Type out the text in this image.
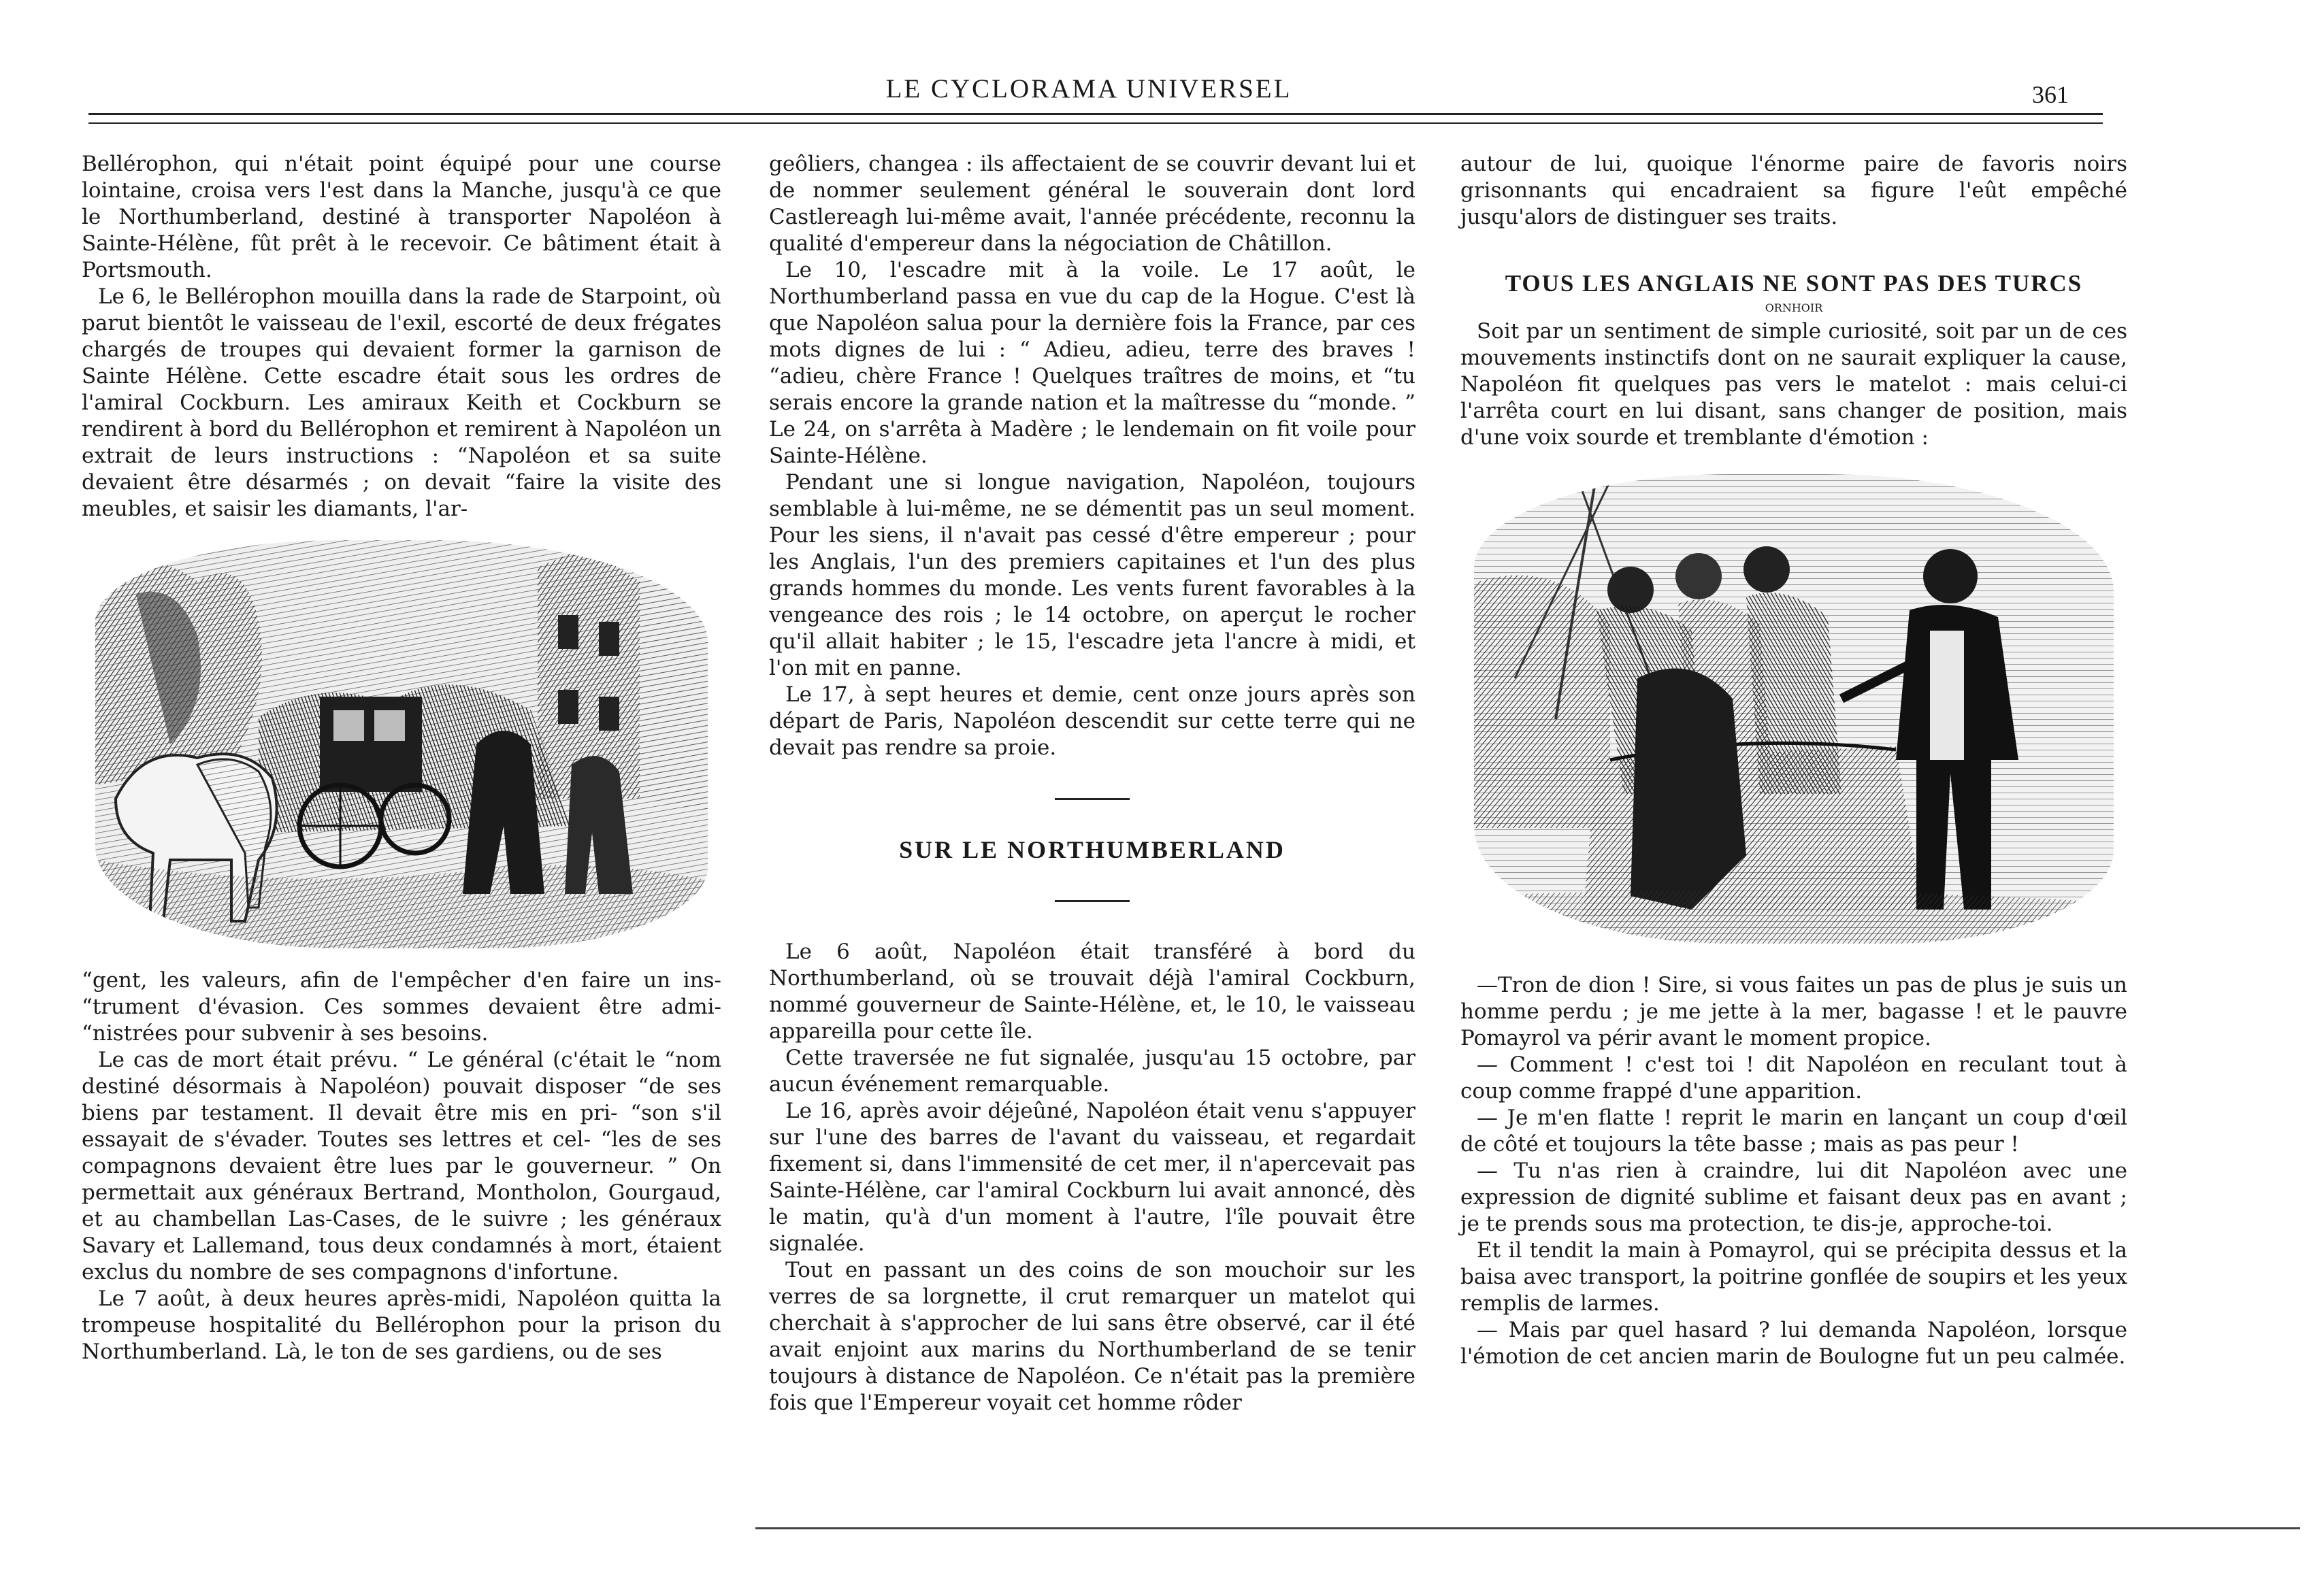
LE CYCLORAMA UNIVERSEL	361

Bellérophon, qui n'était point équipé pour une course lointaine, croisa vers l'est dans la Manche, jusqu'à ce que le Northumberland, destiné à transporter Napoléon à Sainte-Hélène, fût prêt à le recevoir. Ce bâtiment était à Portsmouth.

Le 6, le Bellérophon mouilla dans la rade de Starpoint, où parut bientôt le vaisseau de l'exil, escorté de deux frégates chargés de troupes qui devaient former la garnison de Sainte Hélène. Cette escadre était sous les ordres de l'amiral Cockburn. Les amiraux Keith et Cockburn se rendirent à bord du Bellérophon et remirent à Napoléon un extrait de leurs instructions : “Napoléon et sa suite devaient être désarmés ; on devait “faire la visite des meubles, et saisir les diamants, l'ar-

“gent, les valeurs, afin de l'empêcher d'en faire un ins- “trument d'évasion. Ces sommes devaient être admi- “nistrées pour subvenir à ses besoins.

Le cas de mort était prévu. “ Le général (c'était le “nom destiné désormais à Napoléon) pouvait disposer “de ses biens par testament. Il devait être mis en pri- “son s'il essayait de s'évader. Toutes ses lettres et cel- “les de ses compagnons devaient être lues par le gouverneur. ” On permettait aux généraux Bertrand, Montholon, Gourgaud, et au chambellan Las-Cases, de le suivre ; les généraux Savary et Lallemand, tous deux condamnés à mort, étaient exclus du nombre de ses compagnons d'infortune.

Le 7 août, à deux heures après-midi, Napoléon quitta la trompeuse hospitalité du Bellérophon pour la prison du Northumberland. Là, le ton de ses gardiens, ou de ses

geôliers, changea : ils affectaient de se couvrir devant lui et de nommer seulement général le souverain dont lord Castlereagh lui-même avait, l'année précédente, reconnu la qualité d'empereur dans la négociation de Châtillon.

Le 10, l'escadre mit à la voile. Le 17 août, le Northumberland passa en vue du cap de la Hogue. C'est là que Napoléon salua pour la dernière fois la France, par ces mots dignes de lui : “ Adieu, adieu, terre des braves ! “adieu, chère France ! Quelques traîtres de moins, et “tu serais encore la grande nation et la maîtresse du “monde. ” Le 24, on s'arrêta à Madère ; le lendemain on fit voile pour Sainte-Hélène.

Pendant une si longue navigation, Napoléon, toujours semblable à lui-même, ne se démentit pas un seul moment. Pour les siens, il n'avait pas cessé d'être empereur ; pour les Anglais, l'un des premiers capitaines et l'un des plus grands hommes du monde. Les vents furent favorables à la vengeance des rois ; le 14 octobre, on aperçut le rocher qu'il allait habiter ; le 15, l'escadre jeta l'ancre à midi, et l'on mit en panne.

Le 17, à sept heures et demie, cent onze jours après son départ de Paris, Napoléon descendit sur cette terre qui ne devait pas rendre sa proie.

SUR LE NORTHUMBERLAND

Le 6 août, Napoléon était transféré à bord du Northumberland, où se trouvait déjà l'amiral Cockburn, nommé gouverneur de Sainte-Hélène, et, le 10, le vaisseau appareilla pour cette île.

Cette traversée ne fut signalée, jusqu'au 15 octobre, par aucun événement remarquable.

Le 16, après avoir déjeûné, Napoléon était venu s'appuyer sur l'une des barres de l'avant du vaisseau, et regardait fixement si, dans l'immensité de cet mer, il n'apercevait pas Sainte-Hélène, car l'amiral Cockburn lui avait annoncé, dès le matin, qu'à d'un moment à l'autre, l'île pouvait être signalée.

Tout en passant un des coins de son mouchoir sur les verres de sa lorgnette, il crut remarquer un matelot qui cherchait à s'approcher de lui sans être observé, car il été avait enjoint aux marins du Northumberland de se tenir toujours à distance de Napoléon. Ce n'était pas la première fois que l'Empereur voyait cet homme rôder

autour de lui, quoique l'énorme paire de favoris noirs grisonnants qui encadraient sa figure l'eût empêché jusqu'alors de distinguer ses traits.

TOUS LES ANGLAIS NE SONT PAS DES TURCS
ORNHOIR

Soit par un sentiment de simple curiosité, soit par un de ces mouvements instinctifs dont on ne saurait expliquer la cause, Napoléon fit quelques pas vers le matelot : mais celui-ci l'arrêta court en lui disant, sans changer de position, mais d'une voix sourde et tremblante d'émotion :

—Tron de dion ! Sire, si vous faites un pas de plus je suis un homme perdu ; je me jette à la mer, bagasse ! et le pauvre Pomayrol va périr avant le moment propice.

— Comment ! c'est toi ! dit Napoléon en reculant tout à coup comme frappé d'une apparition.

— Je m'en flatte ! reprit le marin en lançant un coup d'œil de côté et toujours la tête basse ; mais as pas peur !

— Tu n'as rien à craindre, lui dit Napoléon avec une expression de dignité sublime et faisant deux pas en avant ; je te prends sous ma protection, te dis-je, approche-toi.

Et il tendit la main à Pomayrol, qui se précipita dessus et la baisa avec transport, la poitrine gonflée de soupirs et les yeux remplis de larmes.

— Mais par quel hasard ? lui demanda Napoléon, lorsque l'émotion de cet ancien marin de Boulogne fut un peu calmée.
